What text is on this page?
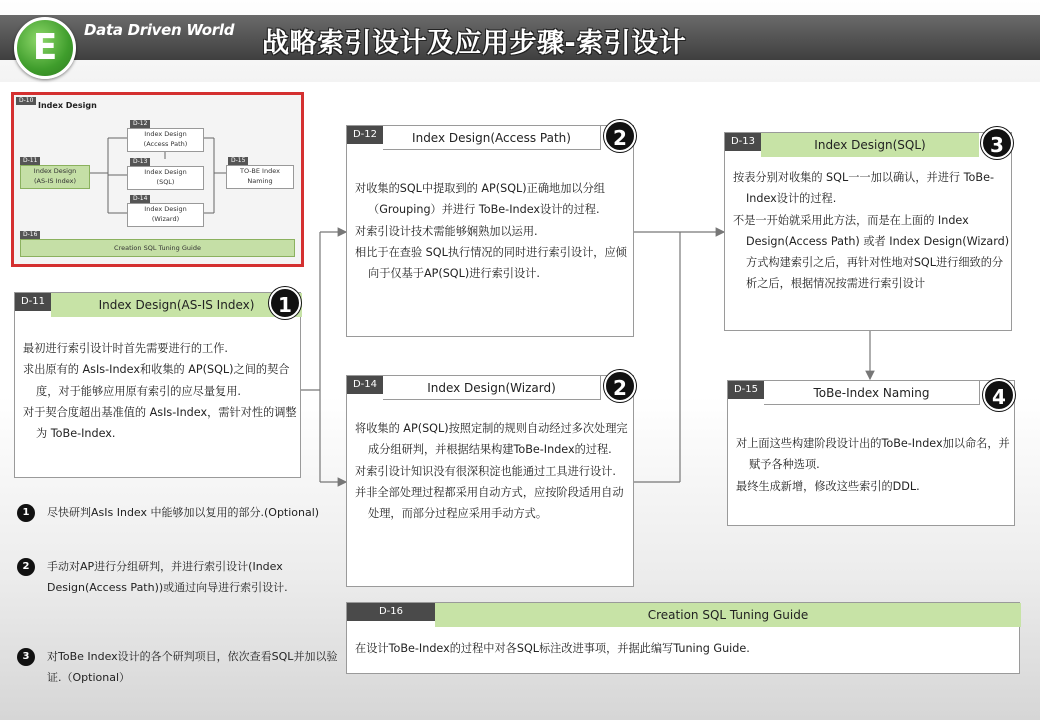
E	Data Driven World 战略索引设计及应用步骤-索引设计
D-10
Index Design
D-11
Index Design
(AS-IS Index)
D-12
Index Design
(Access Path)
D-13
Index Design
(SQL)
D-14
Index Design
(Wizard)
D-15
TO-BE Index
Naming
D-16
Creation SQL Tuning Guide
Index Design(AS-IS Index)
D-11	1

最初进行索引设计时首先需要进行的工作.

求出原有的 AsIs-Index和收集的 AP(SQL)之间的契合度，对于能够应用原有索引的应尽量复用.

对于契合度超出基准值的 AsIs-Index，需针对性的调整为 ToBe-Index.

Index Design(Access Path)
D-12	2

对收集的SQL中提取到的 AP(SQL)正确地加以分组（Grouping）并进行 ToBe-Index设计的过程.

对索引设计技术需能够娴熟加以运用.

相比于在查验 SQL执行情况的同时进行索引设计，应倾向于仅基于AP(SQL)进行索引设计.

Index Design(Wizard)
D-14	2

将收集的 AP(SQL)按照定制的规则自动经过多次处理完成分组研判，并根据结果构建ToBe-Index的过程.

对索引设计知识没有很深积淀也能通过工具进行设计.

并非全部处理过程都采用自动方式，应按阶段适用自动处理，而部分过程应采用手动方式。

Index Design(SQL)
D-13	3

按表分别对收集的 SQL一一加以确认，并进行 ToBe-Index设计的过程.

不是一开始就采用此方法，而是在上面的 Index Design(Access Path) 或者 Index Design(Wizard) 方式构建索引之后，再针对性地对SQL进行细致的分析之后，根据情况按需进行索引设计

ToBe-Index Naming
D-15	4

对上面这些构建阶段设计出的ToBe-Index加以命名，并赋予各种选项.

最终生成新增，修改这些索引的DDL.

Creation SQL Tuning Guide
D-16

在设计ToBe-Index的过程中对各SQL标注改进事项，并据此编写Tuning Guide.

1	尽快研判AsIs Index 中能够加以复用的部分.(Optional)
2	手动对AP进行分组研判，并进行索引设计(Index Design(Access Path))或通过向导进行索引设计.
3	对ToBe Index设计的各个研判项目，依次查看SQL并加以验证.（Optional）
